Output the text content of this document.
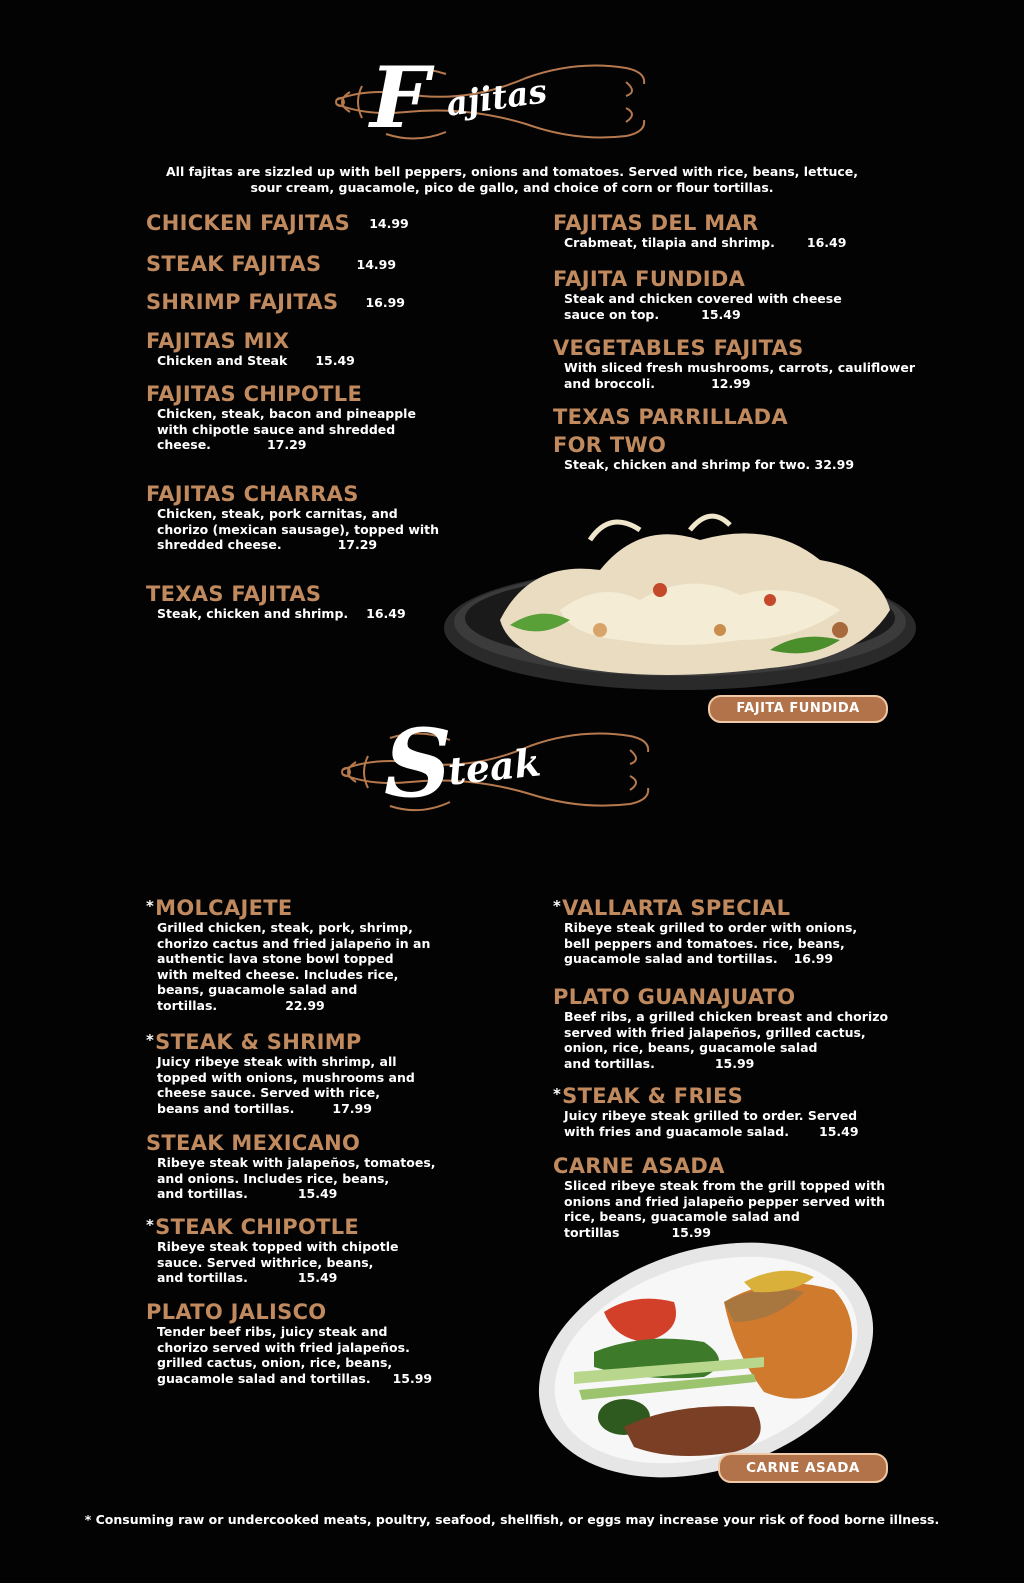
F ajitas
All fajitas are sizzled up with bell peppers, onions and tomatoes. Served with rice, beans, lettuce,
sour cream, guacamole, pico de gallo, and choice of corn or flour tortillas.
CHICKEN FAJITAS 14.99
STEAK FAJITAS	14.99
SHRIMP FAJITAS 16.99
FAJITAS MIX
Chicken and Steak 15.49
FAJITAS CHIPOTLE
Chicken, steak, bacon and pineapple
with chipotle sauce and shredded
cheese.	17.29
FAJITAS CHARRAS
Chicken, steak, pork carnitas, and
chorizo (mexican sausage), topped with
shredded cheese.	17.29
TEXAS FAJITAS
Steak, chicken and shrimp. 16.49
FAJITAS DEL MAR
Crabmeat, tilapia and shrimp.	16.49
FAJITA FUNDIDA
Steak and chicken covered with cheese
sauce on top.	15.49
VEGETABLES FAJITAS
With sliced fresh mushrooms, carrots, cauliflower
and broccoli.	12.99
TEXAS PARRILLADA
FOR TWO
Steak, chicken and shrimp for two. 32.99
FAJITA FUNDIDA
S
teak
*MOLCAJETE
Grilled chicken, steak, pork, shrimp,
chorizo cactus and fried jalapeño in an
authentic lava stone bowl topped
with melted cheese. Includes rice,
beans, guacamole salad and
tortillas.	22.99
*STEAK & SHRIMP
Juicy ribeye steak with shrimp, all
topped with onions, mushrooms and
cheese sauce. Served with rice,
beans and tortillas.	17.99
STEAK MEXICANO
Ribeye steak with jalapeños, tomatoes,
and onions. Includes rice, beans,
and tortillas.	15.49
*STEAK CHIPOTLE
Ribeye steak topped with chipotle
sauce. Served withrice, beans,
and tortillas.	15.49
PLATO JALISCO
Tender beef ribs, juicy steak and
chorizo served with fried jalapeños.
grilled cactus, onion, rice, beans,
guacamole salad and tortillas. 15.99
*VALLARTA SPECIAL
Ribeye steak grilled to order with onions,
bell peppers and tomatoes. rice, beans,
guacamole salad and tortillas. 16.99
PLATO GUANAJUATO
Beef ribs, a grilled chicken breast and chorizo
served with fried jalapeños, grilled cactus,
onion, rice, beans, guacamole salad
and tortillas.	15.99
*STEAK & FRIES
Juicy ribeye steak grilled to order. Served
with fries and guacamole salad. 15.49
CARNE ASADA
Sliced ribeye steak from the grill topped with
onions and fried jalapeño pepper served with
rice, beans, guacamole salad and
tortillas	15.99
CARNE ASADA
* Consuming raw or undercooked meats, poultry, seafood, shellfish, or eggs may increase your risk of food borne illness.
